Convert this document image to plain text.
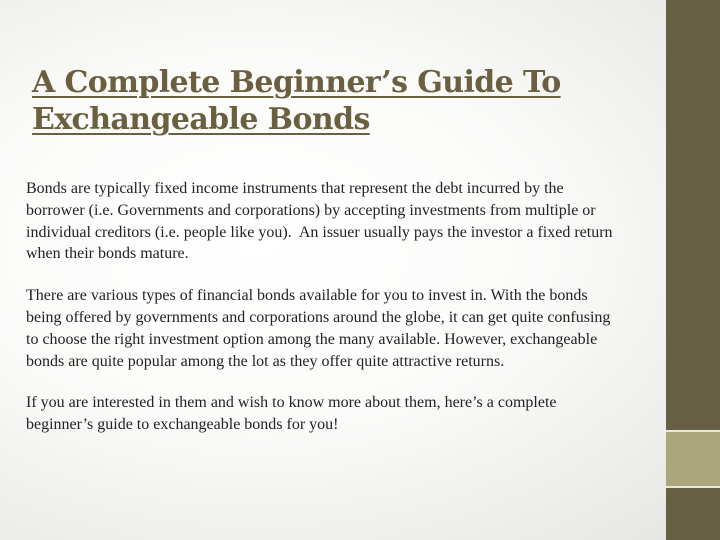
A Complete Beginner’s Guide To Exchangeable Bonds

Bonds are typically fixed income instruments that represent the debt incurred by the borrower (i.e. Governments and corporations) by accepting investments from multiple or individual creditors (i.e. people like you).  An issuer usually pays the investor a fixed return when their bonds mature.

There are various types of financial bonds available for you to invest in. With the bonds being offered by governments and corporations around the globe, it can get quite confusing to choose the right investment option among the many available. However, exchangeable bonds are quite popular among the lot as they offer quite attractive returns.

If you are interested in them and wish to know more about them, here’s a complete beginner’s guide to exchangeable bonds for you!
